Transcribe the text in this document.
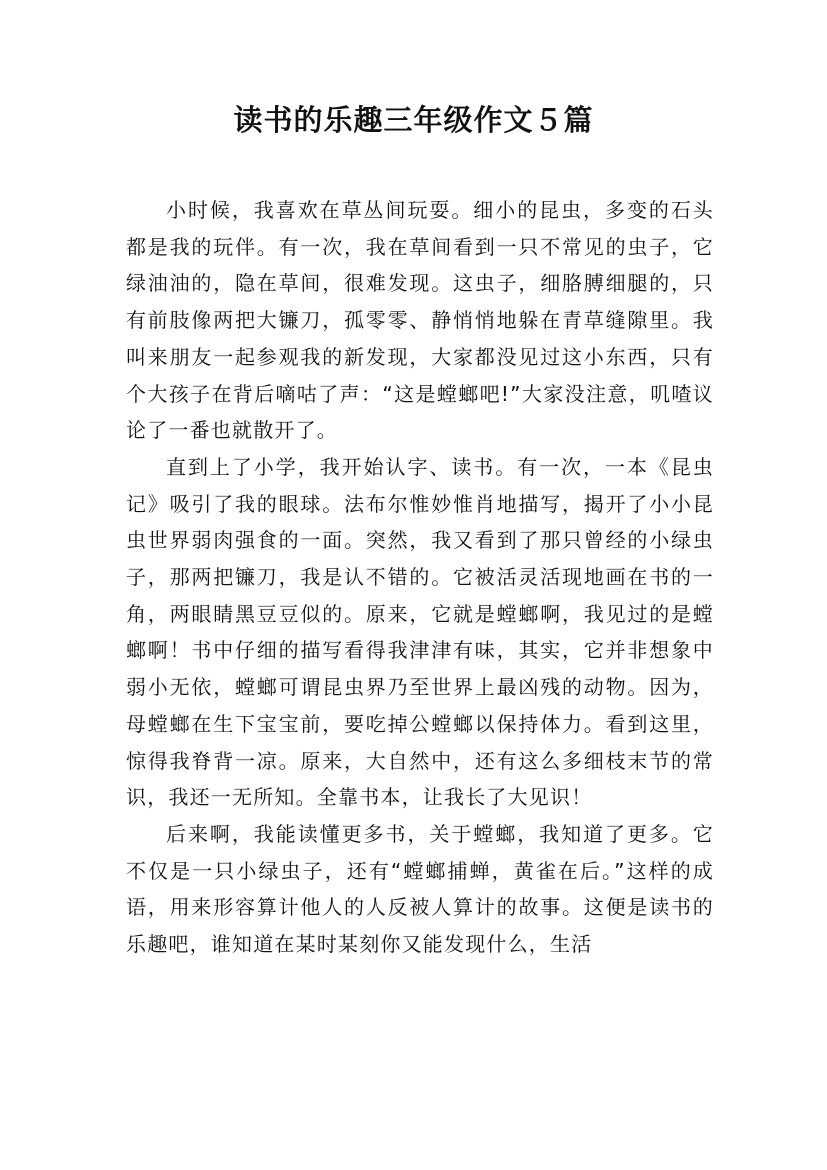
读书的乐趣三年级作文５篇

小时候，我喜欢在草丛间玩耍。细小的昆虫，多变的石头都是我的玩伴。有一次，我在草间看到一只不常见的虫子，它绿油油的，隐在草间，很难发现。这虫子，细胳膊细腿的，只有前肢像两把大镰刀，孤零零、静悄悄地躲在青草缝隙里。我叫来朋友一起参观我的新发现，大家都没见过这小东西，只有个大孩子在背后嘀咕了声：“这是螳螂吧!”大家没注意，叽喳议论了一番也就散开了。

直到上了小学，我开始认字、读书。有一次，一本《昆虫记》吸引了我的眼球。法布尔惟妙惟肖地描写，揭开了小小昆虫世界弱肉强食的一面。突然，我又看到了那只曾经的小绿虫子，那两把镰刀，我是认不错的。它被活灵活现地画在书的一角，两眼睛黑豆豆似的。原来，它就是螳螂啊，我见过的是螳螂啊！书中仔细的描写看得我津津有味，其实，它并非想象中弱小无依，螳螂可谓昆虫界乃至世界上最凶残的动物。因为，母螳螂在生下宝宝前，要吃掉公螳螂以保持体力。看到这里，惊得我脊背一凉。原来，大自然中，还有这么多细枝末节的常识，我还一无所知。全靠书本，让我长了大见识！

后来啊，我能读懂更多书，关于螳螂，我知道了更多。它不仅是一只小绿虫子，还有“螳螂捕蝉，黄雀在后。”这样的成语，用来形容算计他人的人反被人算计的故事。这便是读书的乐趣吧，谁知道在某时某刻你又能发现什么，生活
